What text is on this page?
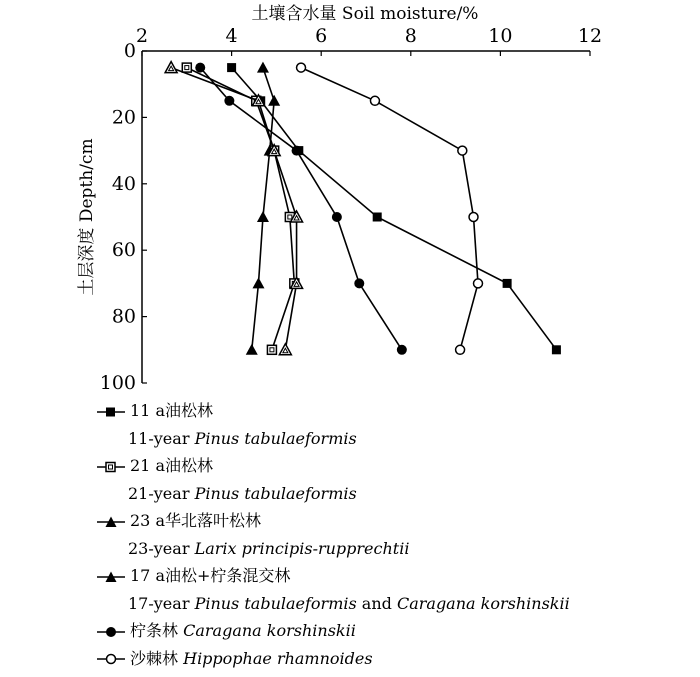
2	4	6	8	10	12
0
20
40
60
80
100
土壤含水量 Soil moisture/%
土层深度 Depth/cm
11 a油松林
11-year Pinus tabulaeformis
21 a油松林
21-year Pinus tabulaeformis
23 a华北落叶松林
23-year Larix principis-rupprechtii
17 a油松+柠条混交林
17-year Pinus tabulaeformis and Caragana korshinskii
柠条林 Caragana korshinskii
沙棘林 Hippophae rhamnoides
